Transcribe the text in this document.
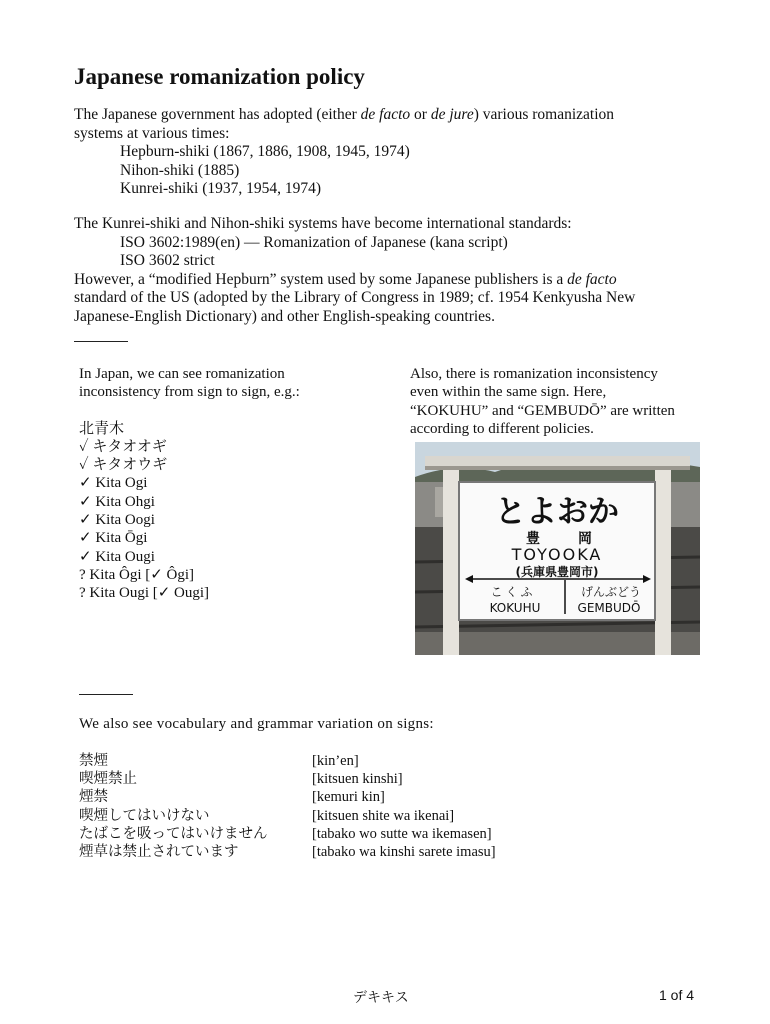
Japanese romanization policy
The Japanese government has adopted (either de facto or de jure) various romanization
systems at various times:
Hepburn-shiki (1867, 1886, 1908, 1945, 1974)
Nihon-shiki (1885)
Kunrei-shiki (1937, 1954, 1974)
The Kunrei-shiki and Nihon-shiki systems have become international standards:
ISO 3602:1989(en) — Romanization of Japanese (kana script)
ISO 3602 strict
However, a “modified Hepburn” system used by some Japanese publishers is a de facto
standard of the US (adopted by the Library of Congress in 1989; cf. 1954 Kenkyusha New
Japanese-English Dictionary) and other English-speaking countries.
In Japan, we can see romanization
inconsistency from sign to sign, e.g.:
北青木
✓ キタオオギ
✓ キタオウギ
✓ Kita Ogi
✓ Kita Ohgi
✓ Kita Oogi
✓ Kita Ōgi
✓ Kita Ougi
? Kita Ôgi [✓ Ôgi]
? Kita Ougi [✓ Ougi]
Also, there is romanization inconsistency
even within the same sign. Here,
“KOKUHU” and “GEMBUDŌ” are written
according to different policies.
とよおか
豊	岡
TOYOOKA
(兵庫県豊岡市)
こくふ	げんぶどう
KOKUHU	GEMBUDŌ
We also see vocabulary and grammar variation on signs:
禁煙	[kin’en]
喫煙禁止	[kitsuen kinshi]
煙禁	[kemuri kin]
喫煙してはいけない	[kitsuen shite wa ikenai]
たばこを吸ってはいけません	[tabako wo sutte wa ikemasen]
煙草は禁止されています	[tabako wa kinshi sarete imasu]
デキキス	1 of 4
